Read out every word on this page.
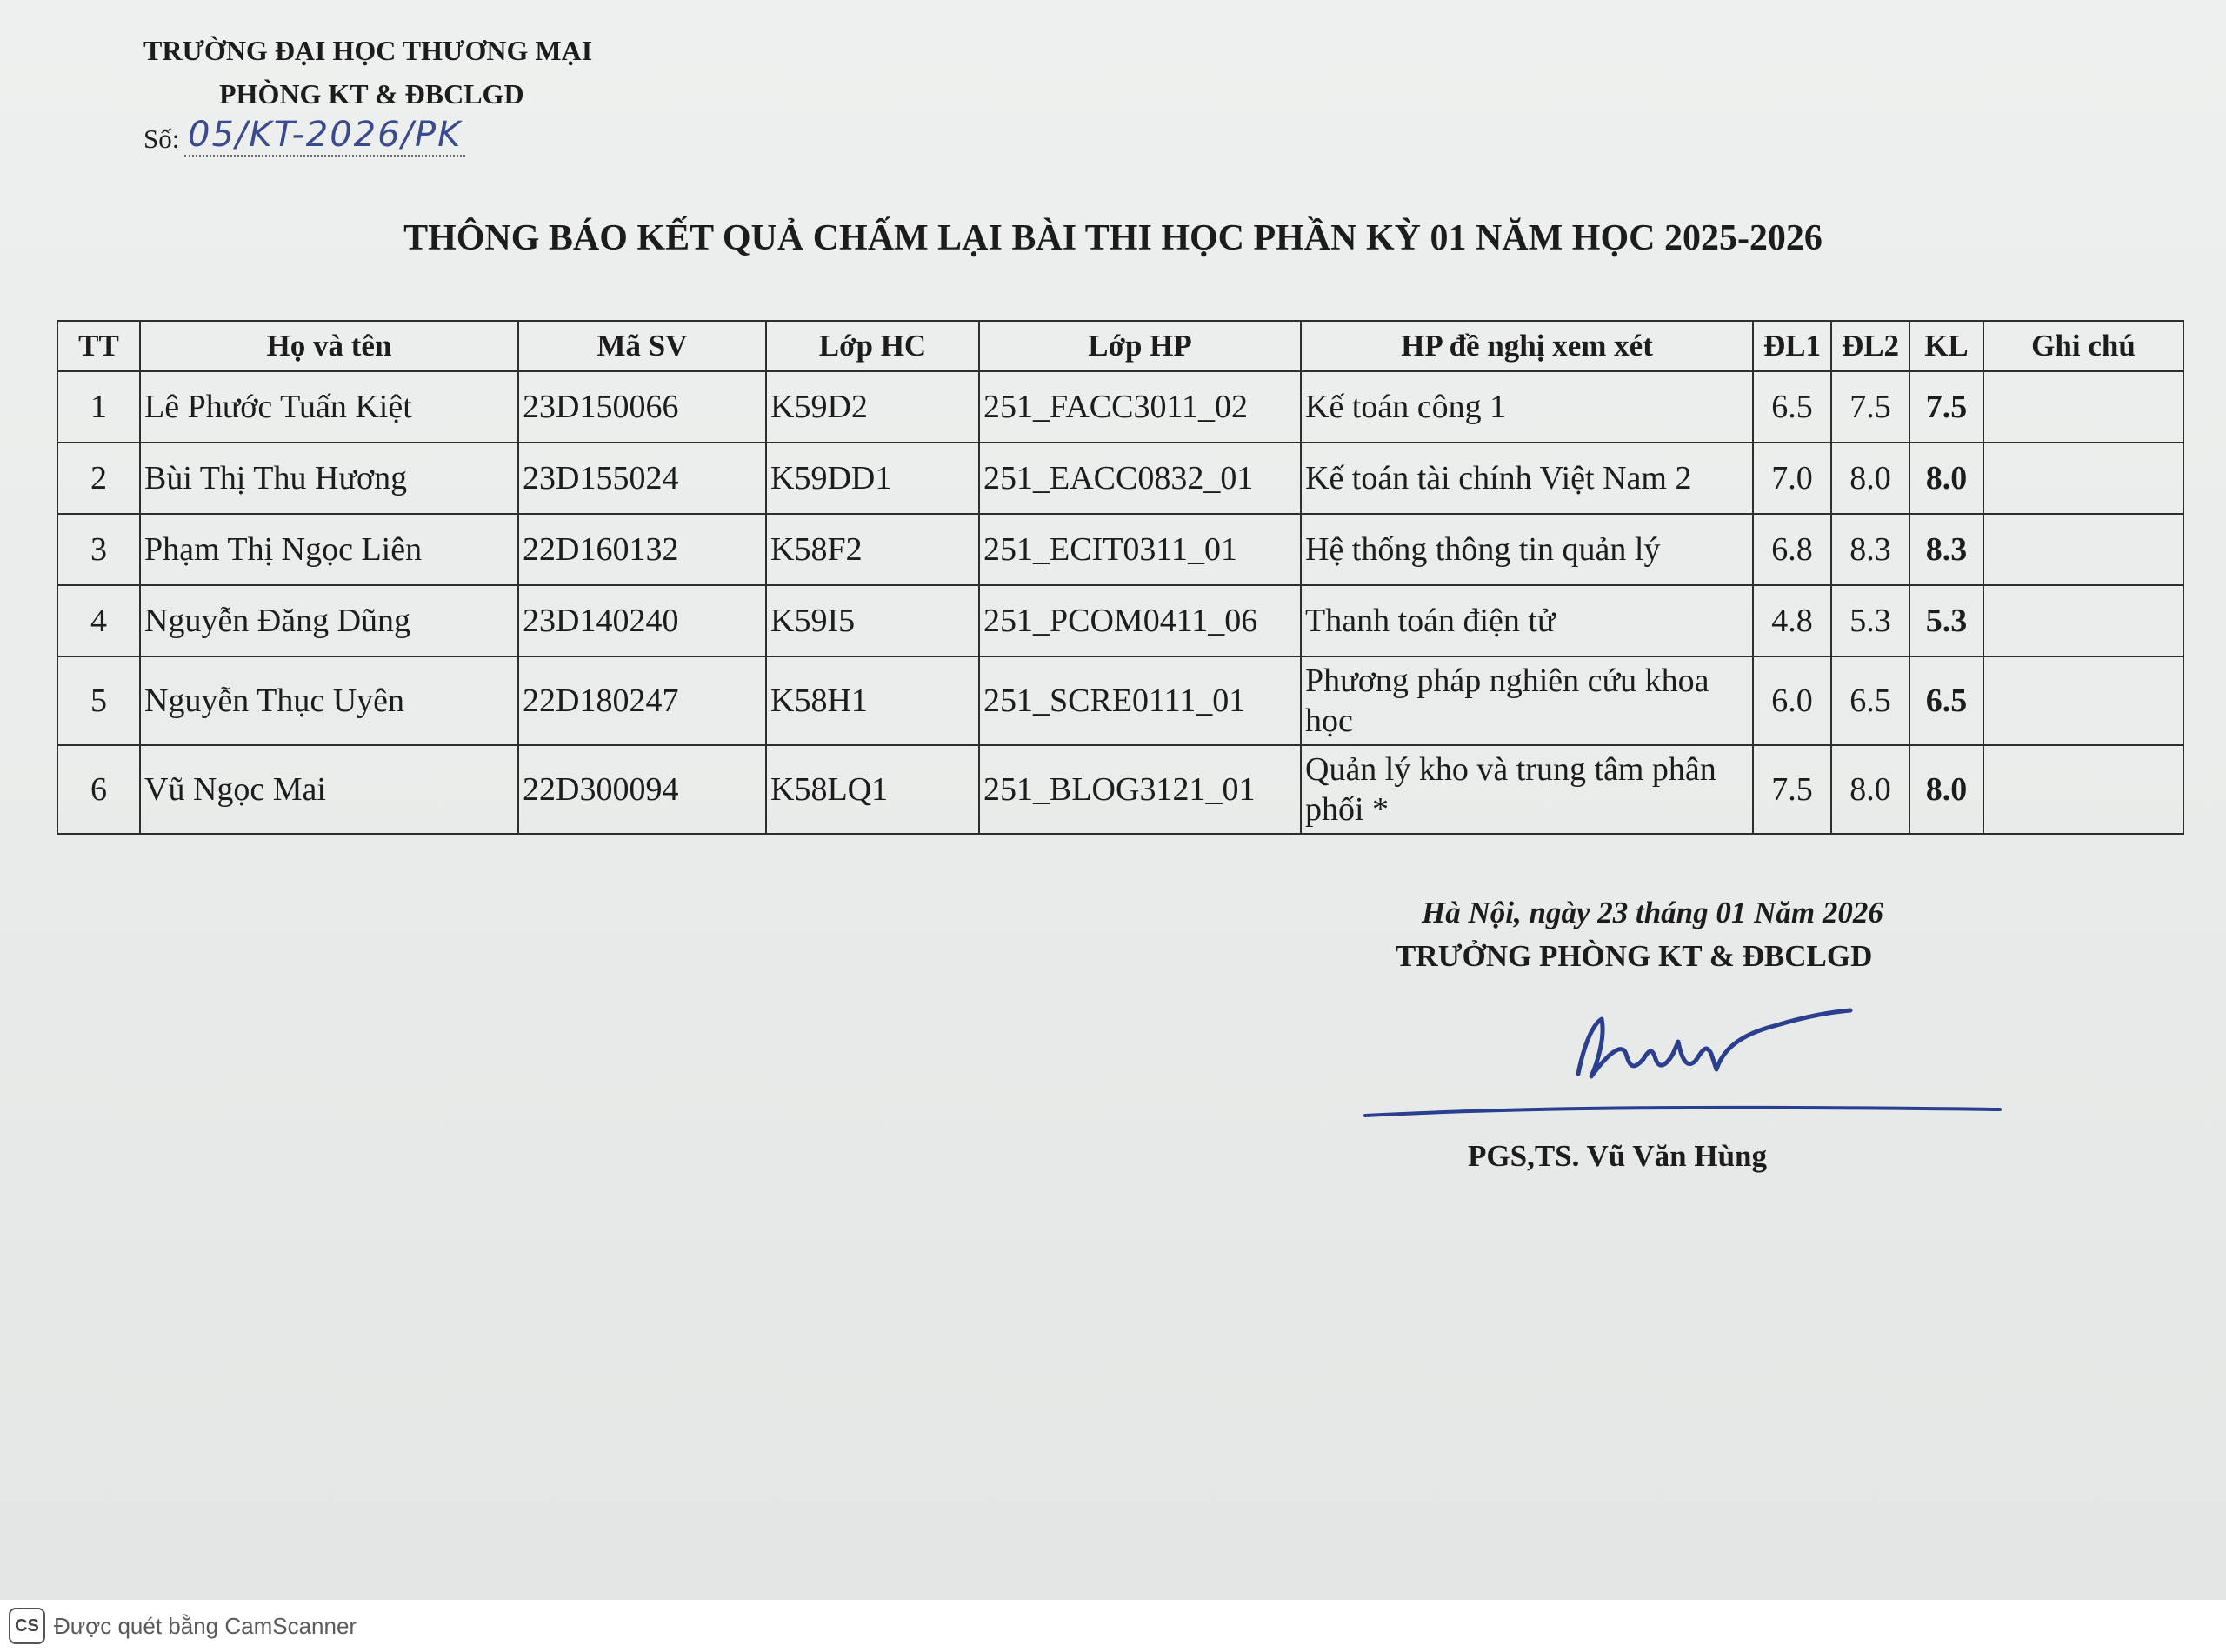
TRƯỜNG ĐẠI HỌC THƯƠNG MẠI
PHÒNG KT & ĐBCLGD
Số: 05/KT-2026/PK
THÔNG BÁO KẾT QUẢ CHẤM LẠI BÀI THI HỌC PHẦN KỲ 01 NĂM HỌC 2025-2026
TT	Họ và tên	Mã SV	Lớp HC	Lớp HP	HP đề nghị xem xét	ĐL1	ĐL2	KL	Ghi chú
1	Lê Phước Tuấn Kiệt	23D150066	K59D2	251_FACC3011_02	Kế toán công 1	6.5	7.5	7.5	
2	Bùi Thị Thu Hương	23D155024	K59DD1	251_EACC0832_01	Kế toán tài chính Việt Nam 2	7.0	8.0	8.0	
3	Phạm Thị Ngọc Liên	22D160132	K58F2	251_ECIT0311_01	Hệ thống thông tin quản lý	6.8	8.3	8.3	
4	Nguyễn Đăng Dũng	23D140240	K59I5	251_PCOM0411_06	Thanh toán điện tử	4.8	5.3	5.3	
5	Nguyễn Thục Uyên	22D180247	K58H1	251_SCRE0111_01	Phương pháp nghiên cứu khoa học	6.0	6.5	6.5	
6	Vũ Ngọc Mai	22D300094	K58LQ1	251_BLOG3121_01	Quản lý kho và trung tâm phân phối *	7.5	8.0	8.0	
Hà Nội, ngày 23 tháng 01 Năm 2026
TRƯỞNG PHÒNG KT & ĐBCLGD
PGS,TS. Vũ Văn Hùng
CS Được quét bằng CamScanner
